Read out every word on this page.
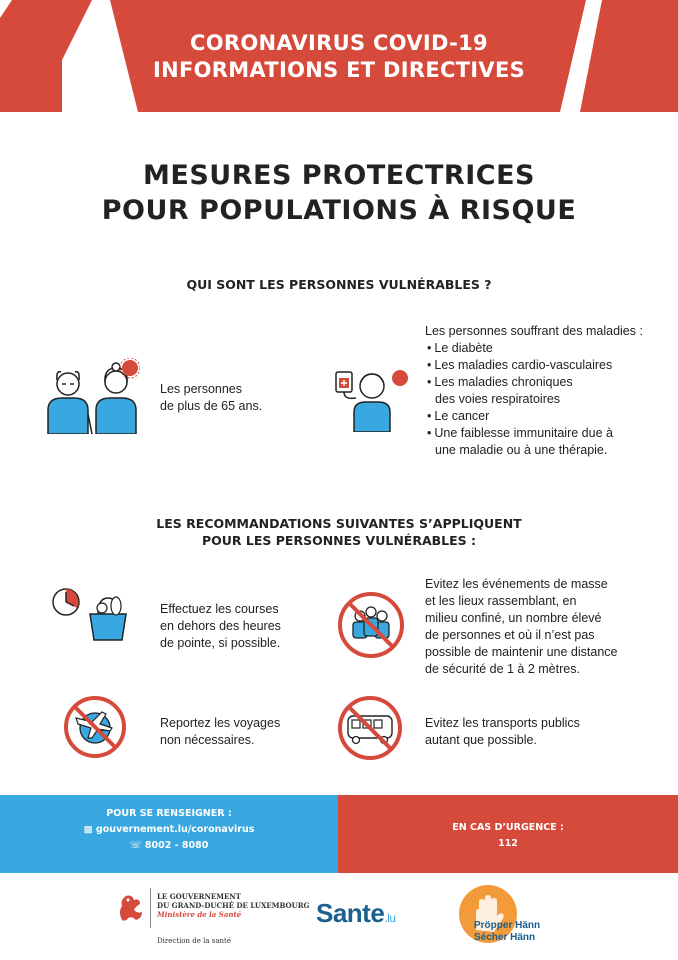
CORONAVIRUS COVID-19
INFORMATIONS ET DIRECTIVES
MESURES PROTECTRICES
POUR POPULATIONS À RISQUE
QUI SONT LES PERSONNES VULNÉRABLES ?
Les personnes
de plus de 65 ans.
Les personnes souffrant des maladies :
• Le diabète
• Les maladies cardio-vasculaires
• Les maladies chroniques des voies respiratoires
• Le cancer
• Une faiblesse immunitaire due à une maladie ou à une thérapie.
LES RECOMMANDATIONS SUIVANTES S’APPLIQUENT
POUR LES PERSONNES VULNÉRABLES :
Effectuez les courses
en dehors des heures
de pointe, si possible.
Evitez les événements de masse
et les lieux rassemblant, en
milieu confiné, un nombre élevé
de personnes et où il n’est pas
possible de maintenir une distance
de sécurité de 1 à 2 mètres.
Reportez les voyages
non nécessaires.
Evitez les transports publics
autant que possible.
POUR SE RENSEIGNER :
▩ gouvernement.lu/coronavirus
☏ 8002 - 8080
EN CAS D’URGENCE :
112
LE GOUVERNEMENT
DU GRAND-DUCHÉ DE LUXEMBOURG
Ministère de la Santé
Direction de la santé
Sante.lu
Pröpper Hänn
Sécher Hänn
